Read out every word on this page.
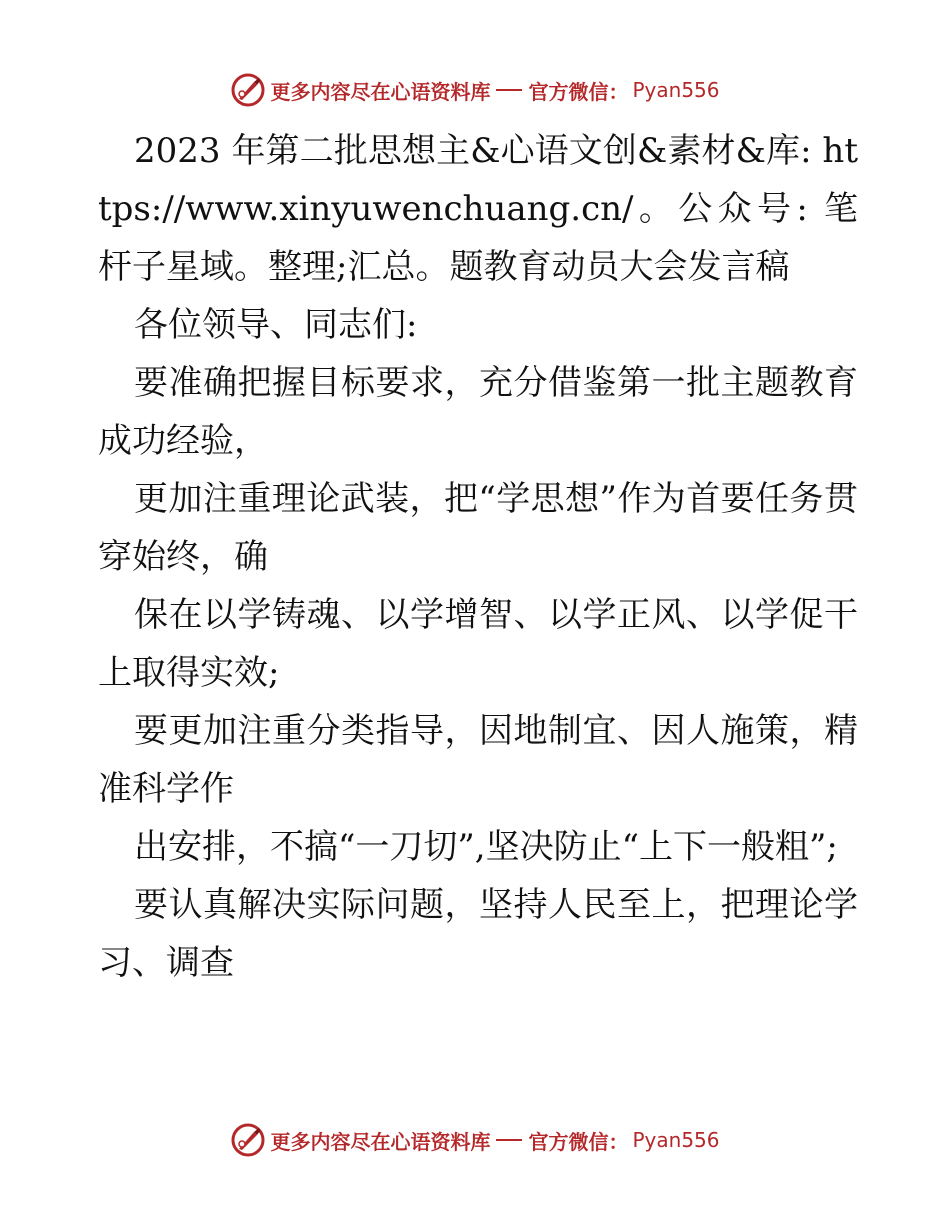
更多内容尽在心语资料库 官方微信： Pyan556

2023 年第二批思想主&心语文创&素材&库: https://www.xinyuwenchuang.cn/。公众号: 笔杆子星域。整理;汇总。题教育动员大会发言稿

各位领导、同志们:

要准确把握目标要求，充分借鉴第一批主题教育成功经验，

更加注重理论武装，把“学思想”作为首要任务贯穿始终，确

保在以学铸魂、以学增智、以学正风、以学促干上取得实效;

要更加注重分类指导，因地制宜、因人施策，精准科学作

出安排，不搞“一刀切”,坚决防止“上下一般粗”;

要认真解决实际问题，坚持人民至上，把理论学习、调查

更多内容尽在心语资料库 官方微信： Pyan556
